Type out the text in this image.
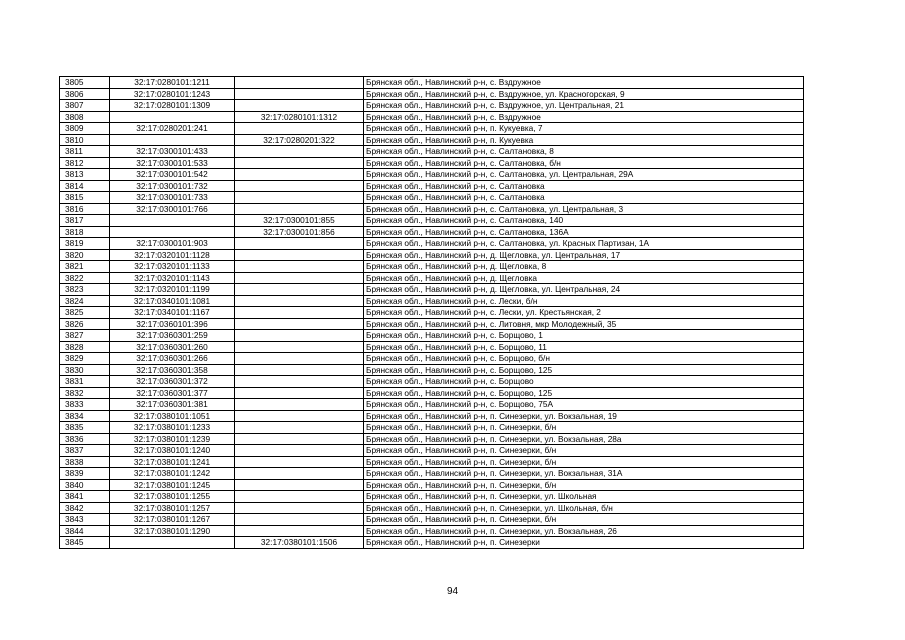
3805	32:17:0280101:1211		Брянская обл., Навлинский р-н, с. Вздружное
3806	32:17:0280101:1243		Брянская обл., Навлинский р-н, с. Вздружное, ул. Красногорская, 9
3807	32:17:0280101:1309		Брянская обл., Навлинский р-н, с. Вздружное, ул. Центральная, 21
3808		32:17:0280101:1312	Брянская обл., Навлинский р-н, с. Вздружное
3809	32:17:0280201:241		Брянская обл., Навлинский р-н, п. Кукуевка, 7
3810		32:17:0280201:322	Брянская обл., Навлинский р-н, п. Кукуевка
3811	32:17:0300101:433		Брянская обл., Навлинский р-н, с. Салтановка, 8
3812	32:17:0300101:533		Брянская обл., Навлинский р-н, с. Салтановка, б/н
3813	32:17:0300101:542		Брянская обл., Навлинский р-н, с. Салтановка, ул. Центральная, 29А
3814	32:17:0300101:732		Брянская обл., Навлинский р-н, с. Салтановка
3815	32:17:0300101:733		Брянская обл., Навлинский р-н, с. Салтановка
3816	32:17:0300101:766		Брянская обл., Навлинский р-н, с. Салтановка, ул. Центральная, 3
3817		32:17:0300101:855	Брянская обл., Навлинский р-н, с. Салтановка, 140
3818		32:17:0300101:856	Брянская обл., Навлинский р-н, с. Салтановка, 136А
3819	32:17:0300101:903		Брянская обл., Навлинский р-н, с. Салтановка, ул. Красных Партизан, 1А
3820	32:17:0320101:1128		Брянская обл., Навлинский р-н, д. Щегловка, ул. Центральная, 17
3821	32:17:0320101:1133		Брянская обл., Навлинский р-н, д. Щегловка, 8
3822	32:17:0320101:1143		Брянская обл., Навлинский р-н, д. Щегловка
3823	32:17:0320101:1199		Брянская обл., Навлинский р-н, д. Щегловка, ул. Центральная, 24
3824	32:17:0340101:1081		Брянская обл., Навлинский р-н, с. Лески, б/н
3825	32:17:0340101:1167		Брянская обл., Навлинский р-н, с. Лески, ул. Крестьянская, 2
3826	32:17:0360101:396		Брянская обл., Навлинский р-н, с. Литовня, мкр Молодежный, 35
3827	32:17:0360301:259		Брянская обл., Навлинский р-н, с. Борщово, 1
3828	32:17:0360301:260		Брянская обл., Навлинский р-н, с. Борщово, 11
3829	32:17:0360301:266		Брянская обл., Навлинский р-н, с. Борщово, б/н
3830	32:17:0360301:358		Брянская обл., Навлинский р-н, с. Борщово, 125
3831	32:17:0360301:372		Брянская обл., Навлинский р-н, с. Борщово
3832	32:17:0360301:377		Брянская обл., Навлинский р-н, с. Борщово, 125
3833	32:17:0360301:381		Брянская обл., Навлинский р-н, с. Борщово, 75А
3834	32:17:0380101:1051		Брянская обл., Навлинский р-н, п. Синезерки, ул. Вокзальная, 19
3835	32:17:0380101:1233		Брянская обл., Навлинский р-н, п. Синезерки, б/н
3836	32:17:0380101:1239		Брянская обл., Навлинский р-н, п. Синезерки, ул. Вокзальная, 28а
3837	32:17:0380101:1240		Брянская обл., Навлинский р-н, п. Синезерки, б/н
3838	32:17:0380101:1241		Брянская обл., Навлинский р-н, п. Синезерки, б/н
3839	32:17:0380101:1242		Брянская обл., Навлинский р-н, п. Синезерки, ул. Вокзальная, 31А
3840	32:17:0380101:1245		Брянская обл., Навлинский р-н, п. Синезерки, б/н
3841	32:17:0380101:1255		Брянская обл., Навлинский р-н, п. Синезерки, ул. Школьная
3842	32:17:0380101:1257		Брянская обл., Навлинский р-н, п. Синезерки, ул. Школьная, б/н
3843	32:17:0380101:1267		Брянская обл., Навлинский р-н, п. Синезерки, б/н
3844	32:17:0380101:1290		Брянская обл., Навлинский р-н, п. Синезерки, ул. Вокзальная, 26
3845		32:17:0380101:1506	Брянская обл., Навлинский р-н, п. Синезерки
94
